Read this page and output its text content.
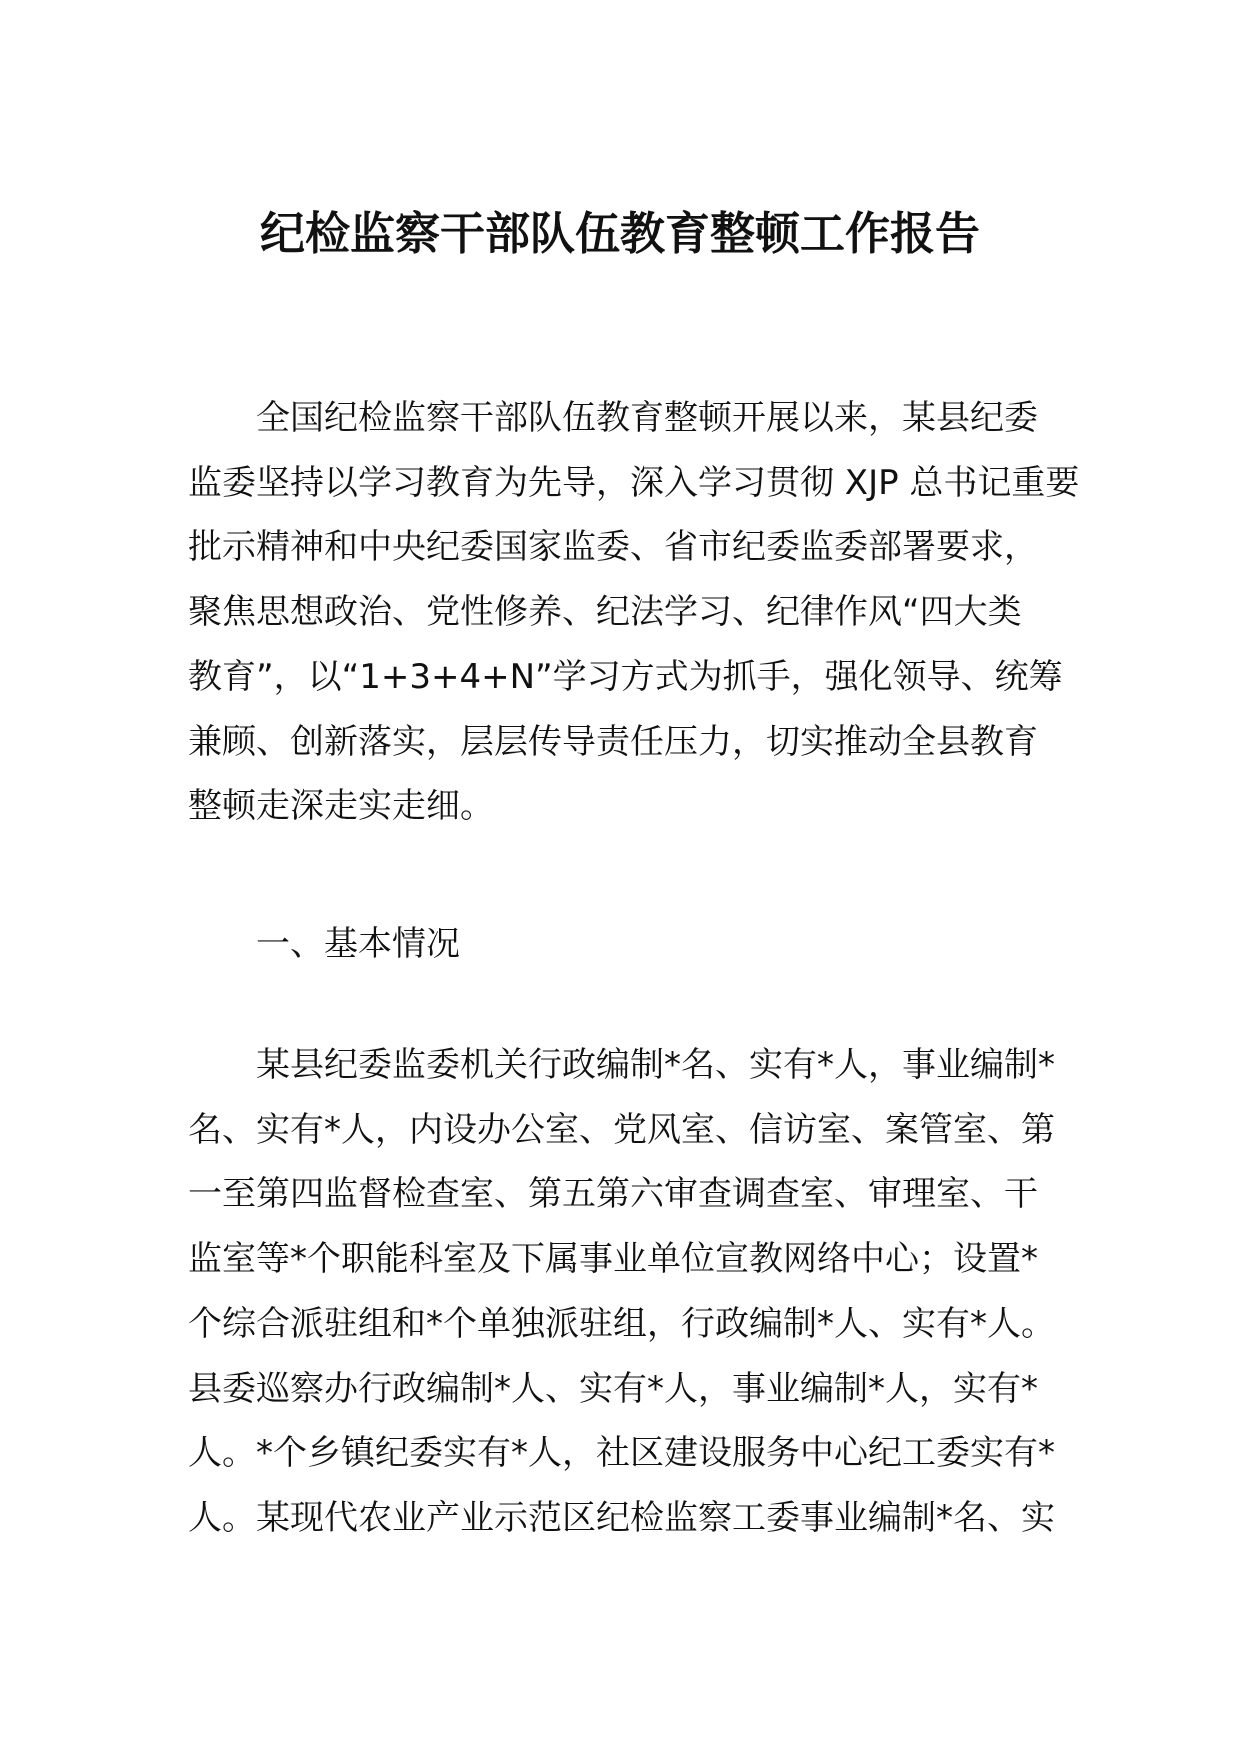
纪检监察干部队伍教育整顿工作报告

全国纪检监察干部队伍教育整顿开展以来，某县纪委
监委坚持以学习教育为先导，深入学习贯彻 XJP 总书记重要
批示精神和中央纪委国家监委、省市纪委监委部署要求，
聚焦思想政治、党性修养、纪法学习、纪律作风“四大类
教育”，以“1+3+4+N”学习方式为抓手，强化领导、统筹
兼顾、创新落实，层层传导责任压力，切实推动全县教育
整顿走深走实走细。

一、基本情况

某县纪委监委机关行政编制*名、实有*人，事业编制*
名、实有*人，内设办公室、党风室、信访室、案管室、第
一至第四监督检查室、第五第六审查调查室、审理室、干
监室等*个职能科室及下属事业单位宣教网络中心；设置*
个综合派驻组和*个单独派驻组，行政编制*人、实有*人。
县委巡察办行政编制*人、实有*人，事业编制*人，实有*
人。*个乡镇纪委实有*人，社区建设服务中心纪工委实有*
人。某现代农业产业示范区纪检监察工委事业编制*名、实
